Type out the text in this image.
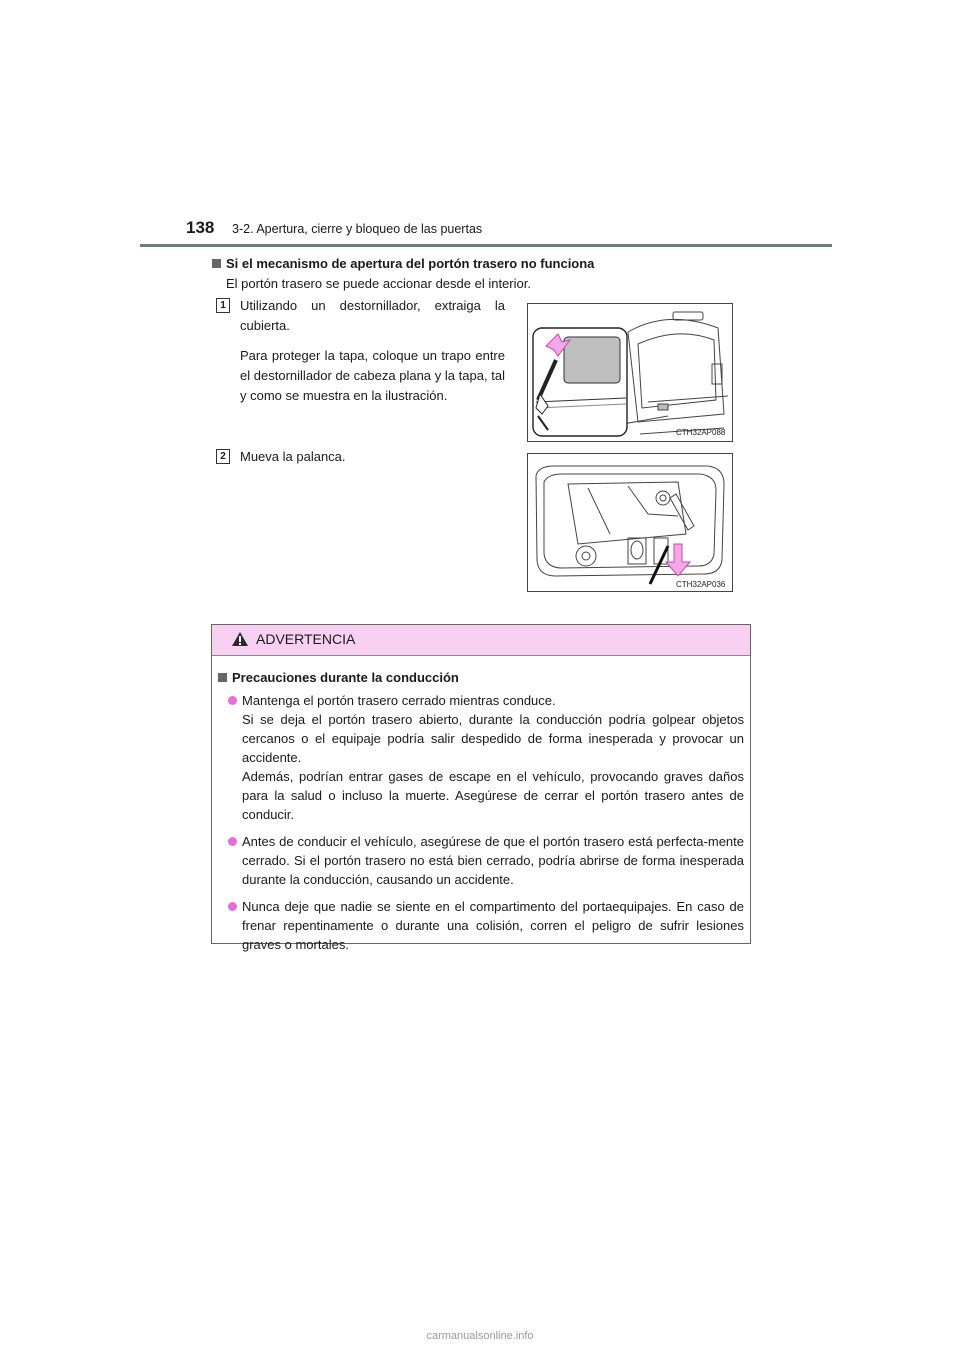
138 3-2. Apertura, cierre y bloqueo de las puertas
Si el mecanismo de apertura del portón trasero no funciona
El portón trasero se puede accionar desde el interior.
1	Utilizando un destornillador, extraiga la cubierta.

Para proteger la tapa, coloque un trapo entre el destornillador de cabeza plana y la tapa, tal y como se muestra en la ilustración.

CTH32AP088
2	Mueva la palanca.
CTH32AP036
ADVERTENCIA
Precauciones durante la conducción
Mantenga el portón trasero cerrado mientras conduce.
Si se deja el portón trasero abierto, durante la conducción podría golpear objetos cercanos o el equipaje podría salir despedido de forma inesperada y provocar un accidente.
Además, podrían entrar gases de escape en el vehículo, provocando graves daños para la salud o incluso la muerte. Asegúrese de cerrar el portón trasero antes de conducir.
Antes de conducir el vehículo, asegúrese de que el portón trasero está perfecta-mente cerrado. Si el portón trasero no está bien cerrado, podría abrirse de forma inesperada durante la conducción, causando un accidente.
Nunca deje que nadie se siente en el compartimento del portaequipajes. En caso de frenar repentinamente o durante una colisión, corren el peligro de sufrir lesiones graves o mortales.
carmanualsonline.info
